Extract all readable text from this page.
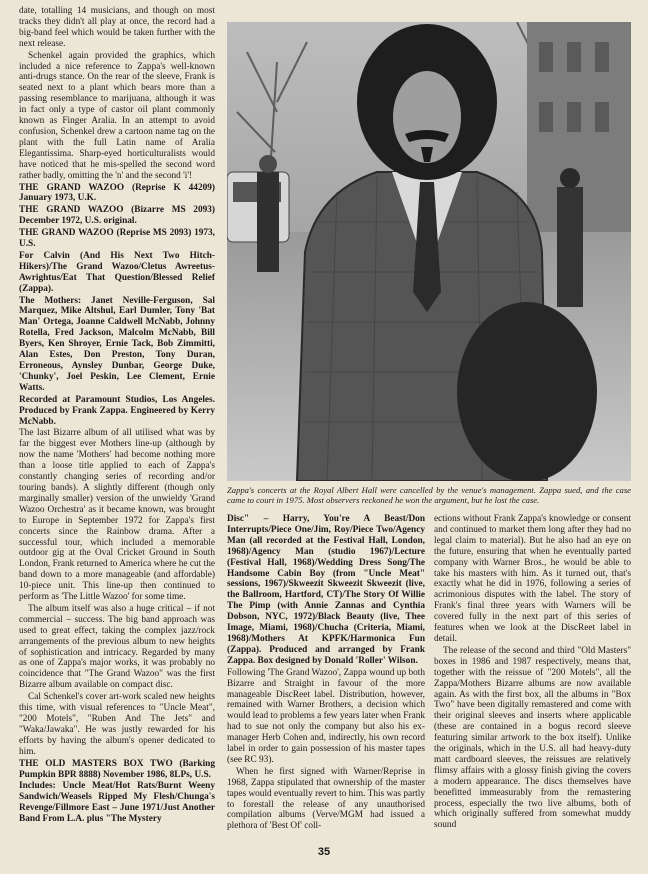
date, totalling 14 musicians, and though on most tracks they didn't all play at once, the record had a big-band feel which would be taken further with the next release.

Schenkel again provided the graphics, which included a nice reference to Zappa's well-known anti-drugs stance. On the rear of the sleeve, Frank is seated next to a plant which bears more than a passing resemblance to marijuana, although it was in fact only a type of castor oil plant commonly known as Finger Aralia. In an attempt to avoid confusion, Schenkel drew a cartoon name tag on the plant with the full Latin name of Aralia Elegantissima. Sharp-eyed horticulturalists would have noticed that he mis-spelled the second word rather badly, omitting the 'n' and the second 'i'!

THE GRAND WAZOO (Reprise K 44209) January 1973, U.K.

THE GRAND WAZOO (Bizarre MS 2093) December 1972, U.S. original.

THE GRAND WAZOO (Reprise MS 2093) 1973, U.S.

For Calvin (And His Next Two Hitch-Hikers)/The Grand Wazoo/Cletus Awreetus-Awrightus/Eat That Question/Blessed Relief (Zappa).

The Mothers: Janet Neville-Ferguson, Sal Marquez, Mike Altshul, Earl Dumler, Tony 'Bat Man' Ortega, Joanne Caldwell McNabb, Johnny Rotella, Fred Jackson, Malcolm McNabb, Bill Byers, Ken Shroyer, Ernie Tack, Bob Zimmitti, Alan Estes, Don Preston, Tony Duran, Erroneous, Aynsley Dunbar, George Duke, 'Chunky', Joel Peskin, Lee Clement, Ernie Watts.

Recorded at Paramount Studios, Los Angeles. Produced by Frank Zappa. Engineered by Kerry McNabb.

The last Bizarre album of all utilised what was by far the biggest ever Mothers line-up (although by now the name 'Mothers' had become nothing more than a loose title applied to each of Zappa's constantly changing series of recording and/or touring bands). A slightly different (though only marginally smaller) version of the unwieldy 'Grand Wazoo Orchestra' as it became known, was brought to Europe in September 1972 for Zappa's first concerts since the Rainbow drama. After a successful tour, which included a memorable outdoor gig at the Oval Cricket Ground in South London, Frank returned to America where he cut the band down to a more manageable (and affordable) 10-piece unit. This line-up then continued to perform as 'The Little Wazoo' for some time.

The album itself was also a huge critical – if not commercial – success. The big band approach was used to great effect, taking the complex jazz/rock arrangements of the previous album to new heights of sophistication and intricacy. Regarded by many as one of Zappa's major works, it was probably no coincidence that "The Grand Wazoo" was the first Bizarre album available on compact disc.

Cal Schenkel's cover art-work scaled new heights this time, with visual references to "Uncle Meat", "200 Motels", "Ruben And The Jets" and "Waka/Jawaka". He was justly rewarded for his efforts by having the album's opener dedicated to him.

THE OLD MASTERS BOX TWO (Barking Pumpkin BPR 8888) November 1986, 8LPs, U.S.

Includes: Uncle Meat/Hot Rats/Burnt Weeny Sandwich/Weasels Ripped My Flesh/Chunga's Revenge/Fillmore East – June 1971/Just Another Band From L.A. plus "The Mystery

Zappa's concerts at the Royal Albert Hall were cancelled by the venue's management. Zappa sued, and the case came to court in 1975. Most observers reckoned he won the argument, but he lost the case.

Disc" – Harry, You're A Beast/Don Interrupts/Piece One/Jim, Roy/Piece Two/Agency Man (all recorded at the Festival Hall, London, 1968)/Agency Man (studio 1967)/Lecture (Festival Hall, 1968)/Wedding Dress Song/The Handsome Cabin Boy (from "Uncle Meat" sessions, 1967)/Skweezit Skweezit Skweezit (live, the Ballroom, Hartford, CT)/The Story Of Willie The Pimp (with Annie Zannas and Cynthia Dobson, NYC, 1972)/Black Beauty (live, Thee Image, Miami, 1968)/Chucha (Criteria, Miami, 1968)/Mothers At KPFK/Harmonica Fun (Zappa). Produced and arranged by Frank Zappa. Box designed by Donald 'Roller' Wilson.

Following 'The Grand Wazoo', Zappa wound up both Bizarre and Straight in favour of the more manageable DiscReet label. Distribution, however, remained with Warner Brothers, a decision which would lead to problems a few years later when Frank had to sue not only the company but also his ex-manager Herb Cohen and, indirectly, his own record label in order to gain possession of his master tapes (see RC 93).

When he first signed with Warner/Reprise in 1968, Zappa stipulated that ownership of the master tapes would eventually revert to him. This was partly to forestall the release of any unauthorised compilation albums (Verve/MGM had issued a plethora of 'Best Of' coll-

ections without Frank Zappa's knowledge or consent and continued to market them long after they had no legal claim to material). But he also had an eye on the future, ensuring that when he eventually parted company with Warner Bros., he would be able to take his masters with him. As it turned out, that's exactly what he did in 1976, following a series of acrimonious disputes with the label. The story of Frank's final three years with Warners will be covered fully in the next part of this series of features when we look at the DiscReet label in detail.

The release of the second and third "Old Masters" boxes in 1986 and 1987 respectively, means that, together with the reissue of "200 Motels", all the Zappa/Mothers Bizarre albums are now available again. As with the first box, all the albums in "Box Two" have been digitally remastered and come with their original sleeves and inserts where applicable (these are contained in a bogus record sleeve featuring similar artwork to the box itself). Unlike the originals, which in the U.S. all had heavy-duty matt cardboard sleeves, the reissues are relatively flimsy affairs with a glossy finish giving the covers a modern appearance. The discs themselves have benefitted immeasurably from the remastering process, especially the two live albums, both of which originally suffered from somewhat muddy sound

35
